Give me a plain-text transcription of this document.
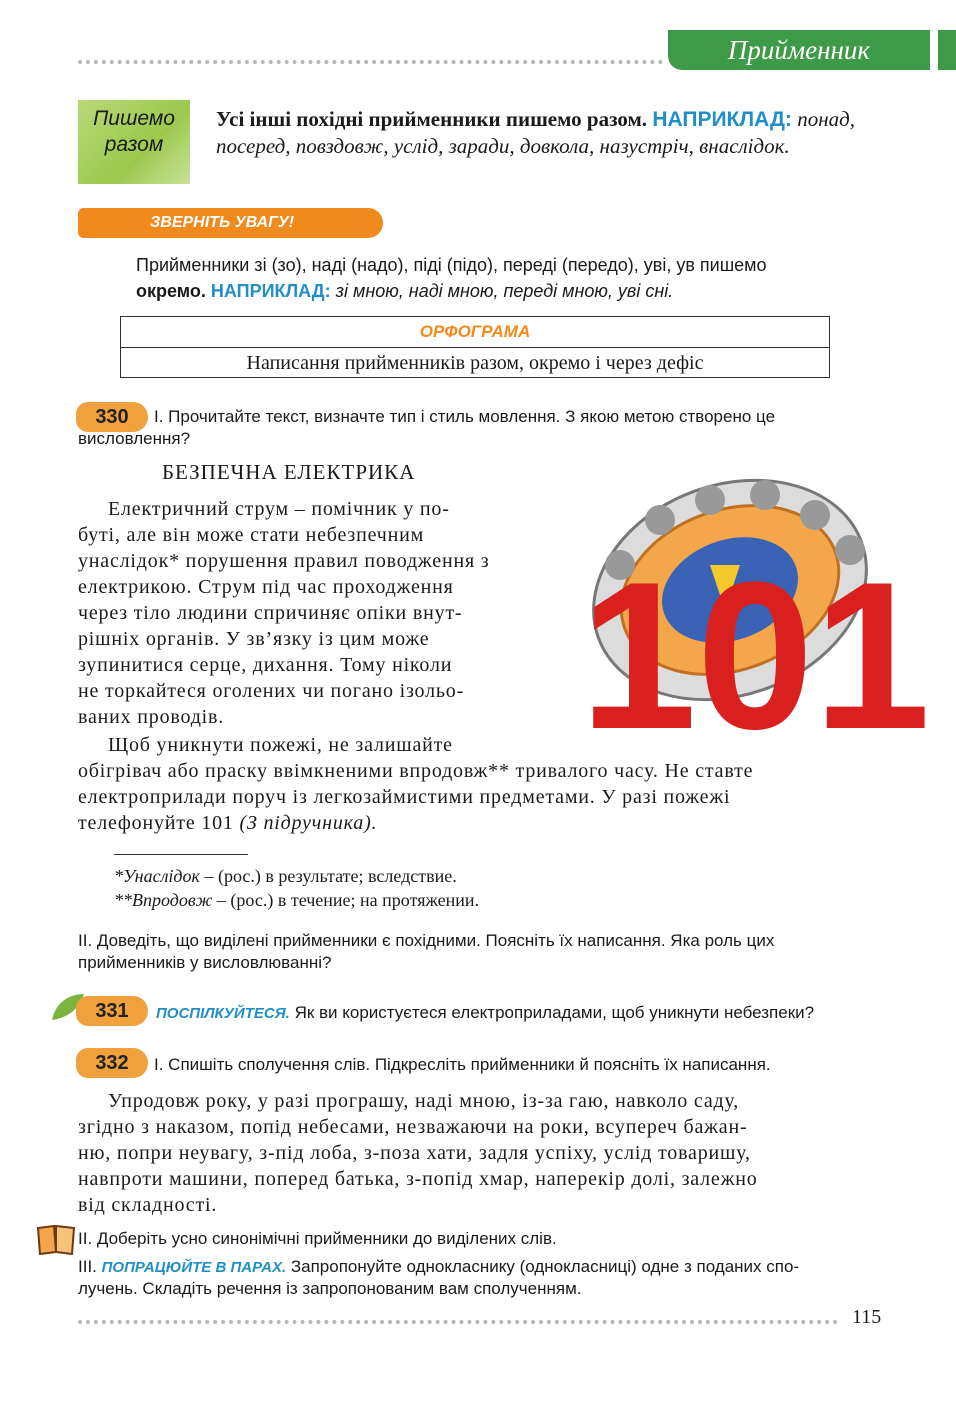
Прийменник
Пишемо разом
Усі інші похідні прийменники пишемо разом. НАПРИКЛАД: понад, посеред, повздовж, услід, заради, довкола, назустріч, внаслідок.
ЗВЕРНІТЬ УВАГУ!
Прийменники зі (зо), наді (надо), піді (підо), переді (передо), уві, ув пишемо
окремо. НАПРИКЛАД: зі мною, наді мною, переді мною, уві сні.
ОРФОГРАМА
Написання прийменників разом, окремо і через дефіс
330	І. Прочитайте текст, визначте тип і стиль мовлення. З якою метою створено це
висловлення?
БЕЗПЕЧНА ЕЛЕКТРИКА
Електричний струм – помічник у по-
буті, але він може стати небезпечним
унаслідок* порушення правил поводження з
електрикою. Струм під час проходження
через тіло людини спричиняє опіки внут-
рішніх органів. У зв’язку із цим може
зупинитися серце, дихання. Тому ніколи
не торкайтеся оголених чи погано ізольо-
ваних проводів.
Щоб уникнути пожежі, не залишайте
обігрівач або праску ввімкненими впродовж** тривалого часу. Не ставте
електроприлади поруч із легкозаймистими предметами. У разі пожежі
телефонуйте 101 (З підручника).
101
*Унаслідок – (рос.) в результате; вследствие.
**Впродовж – (рос.) в течение; на протяжении.
II. Доведіть, що виділені прийменники є похідними. Поясніть їх написання. Яка роль цих
прийменників у висловлюванні?
331	ПОСПІЛКУЙТЕСЯ. Як ви користуєтеся електроприладами, щоб уникнути небезпеки?
332	І. Спишіть сполучення слів. Підкресліть прийменники й поясніть їх написання.
Упродовж року, у разі програшу, наді мною, із-за гаю, навколо саду,
згідно з наказом, попід небесами, незважаючи на роки, всупереч бажан-
ню, попри неувагу, з-під лоба, з-поза хати, задля успіху, услід товаришу,
навпроти машини, поперед батька, з-попід хмар, наперекір долі, залежно
від складності.
II. Доберіть усно синонімічні прийменники до виділених слів.
III. ПОПРАЦЮЙТЕ В ПАРАХ. Запропонуйте однокласнику (однокласниці) одне з поданих спо-
лучень. Складіть речення із запропонованим вам сполученням.
115
